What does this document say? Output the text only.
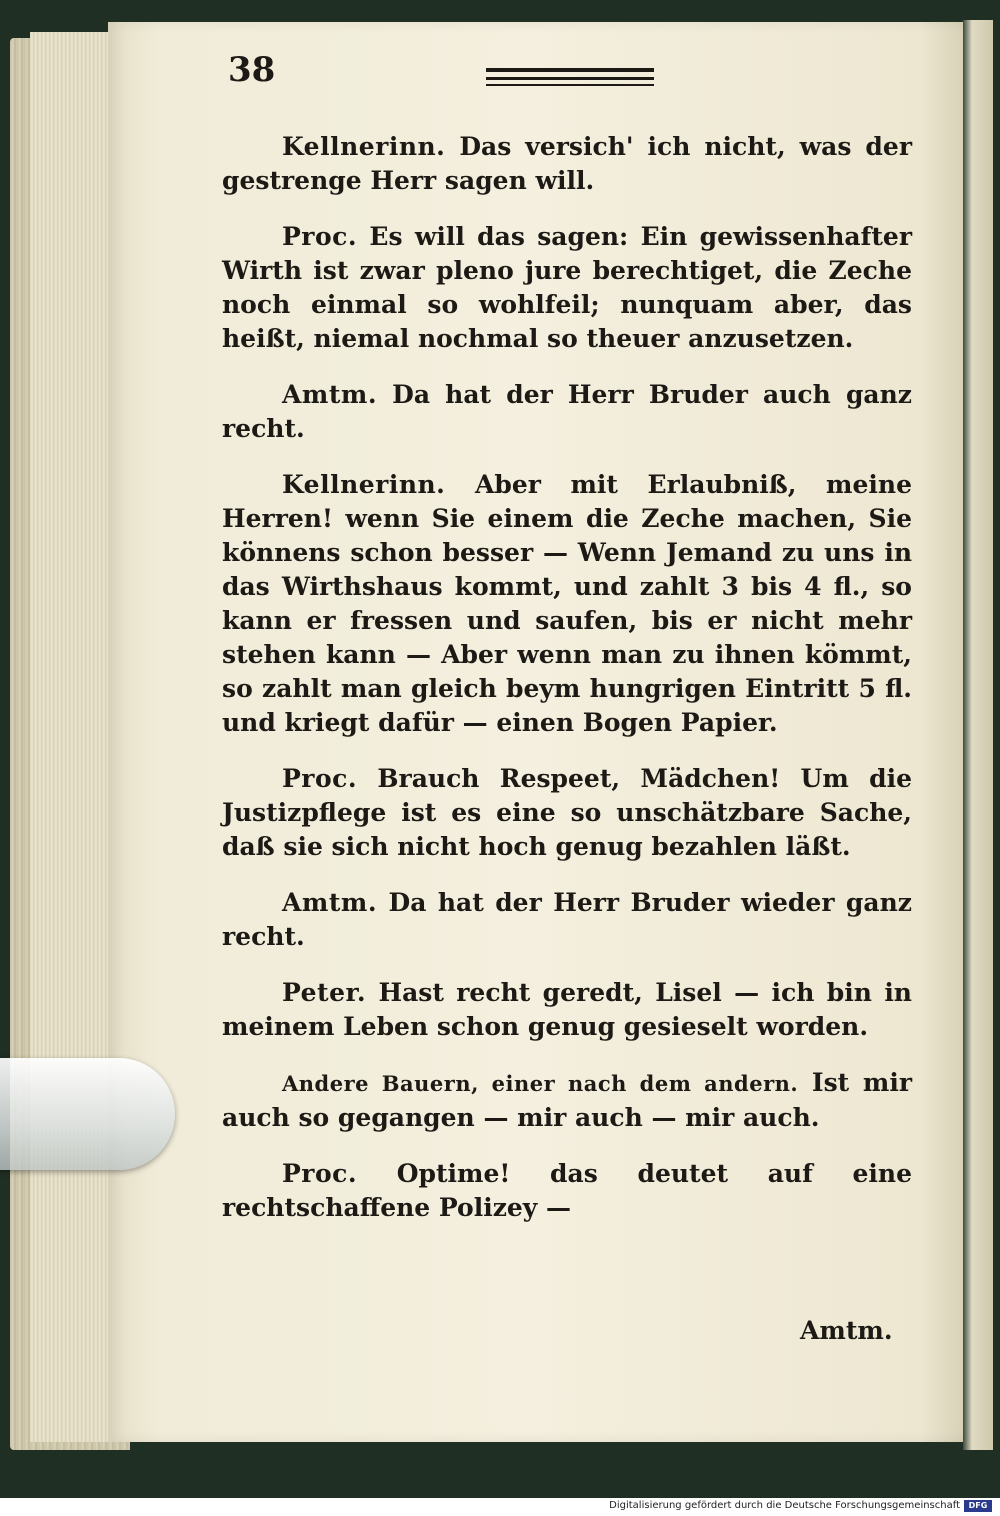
38

Kellnerinn. Das versich' ich nicht, was der gestrenge Herr sagen will.

Proc. Es will das sagen: Ein gewissenhafter Wirth ist zwar pleno jure berechtiget, die Zeche noch einmal so wohlfeil; nunquam aber, das heißt, niemal nochmal so theuer anzusetzen.

Amtm. Da hat der Herr Bruder auch ganz recht.

Kellnerinn. Aber mit Erlaubniß, meine Herren! wenn Sie einem die Zeche machen, Sie könnens schon besser — Wenn Jemand zu uns in das Wirthshaus kommt, und zahlt 3 bis 4 fl., so kann er fressen und saufen, bis er nicht mehr stehen kann — Aber wenn man zu ihnen kömmt, so zahlt man gleich beym hungrigen Eintritt 5 fl. und kriegt dafür — einen Bogen Papier.

Proc. Brauch Respeet, Mädchen! Um die Justizpflege ist es eine so unschätzbare Sache, daß sie sich nicht hoch genug bezahlen läßt.

Amtm. Da hat der Herr Bruder wieder ganz recht.

Peter. Hast recht geredt, Lisel — ich bin in meinem Leben schon genug gesieselt worden.

Andere Bauern, einer nach dem andern. Ist mir auch so gegangen — mir auch — mir auch.

Proc. Optime! das deutet auf eine rechtschaffene Polizey —

Amtm.
Digitalisierung gefördert durch die Deutsche Forschungsgemeinschaft	DFG
